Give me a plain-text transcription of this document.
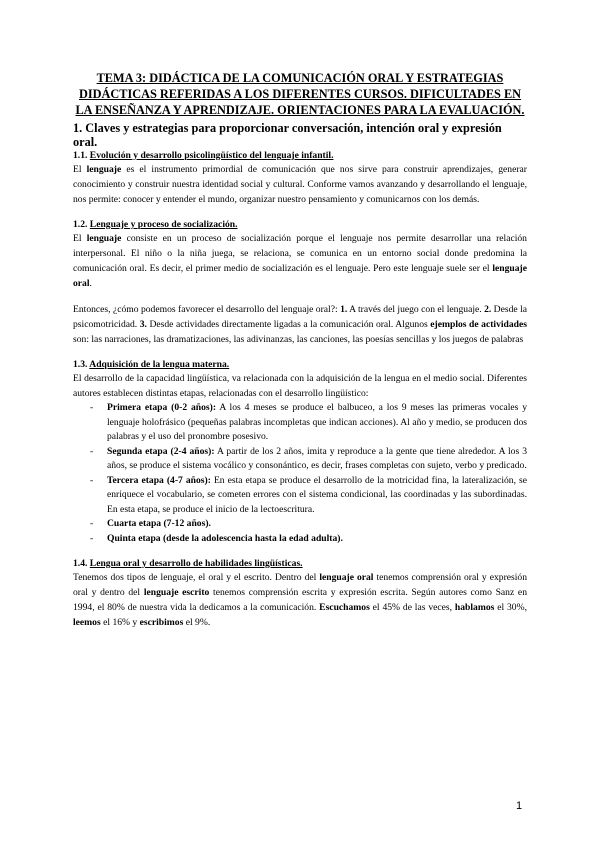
TEMA 3: DIDÁCTICA DE LA COMUNICACIÓN ORAL Y ESTRATEGIAS
DIDÁCTICAS REFERIDAS A LOS DIFERENTES CURSOS. DIFICULTADES EN
LA ENSEÑANZA Y APRENDIZAJE. ORIENTACIONES PARA LA EVALUACIÓN.
1. Claves y estrategias para proporcionar conversación, intención oral y expresión oral.
1.1. Evolución y desarrollo psicolingüístico del lenguaje infantil.

El lenguaje es el instrumento primordial de comunicación que nos sirve para construir aprendizajes, generar conocimiento y construir nuestra identidad social y cultural. Conforme vamos avanzando y desarrollando el lenguaje, nos permite: conocer y entender el mundo, organizar nuestro pensamiento y comunicarnos con los demás.

1.2. Lenguaje y proceso de socialización.

El lenguaje consiste en un proceso de socialización porque el lenguaje nos permite desarrollar una relación interpersonal. El niño o la niña juega, se relaciona, se comunica en un entorno social donde predomina la comunicación oral. Es decir, el primer medio de socialización es el lenguaje. Pero este lenguaje suele ser el lenguaje oral.

Entonces, ¿cómo podemos favorecer el desarrollo del lenguaje oral?: 1. A través del juego con el lenguaje. 2. Desde la psicomotricidad. 3. Desde actividades directamente ligadas a la comunicación oral. Algunos ejemplos de actividades son: las narraciones, las dramatizaciones, las adivinanzas, las canciones, las poesías sencillas y los juegos de palabras

1.3. Adquisición de la lengua materna.

El desarrollo de la capacidad lingüística, va relacionada con la adquisición de la lengua en el medio social. Diferentes autores establecen distintas etapas, relacionadas con el desarrollo lingüístico:

- Primera etapa (0-2 años): A los 4 meses se produce el balbuceo, a los 9 meses las primeras vocales y lenguaje holofrásico (pequeñas palabras incompletas que indican acciones). Al año y medio, se producen dos palabras y el uso del pronombre posesivo.
- Segunda etapa (2-4 años): A partir de los 2 años, imita y reproduce a la gente que tiene alrededor. A los 3 años, se produce el sistema vocálico y consonántico, es decir, frases completas con sujeto, verbo y predicado.
- Tercera etapa (4-7 años): En esta etapa se produce el desarrollo de la motricidad fina, la lateralización, se enriquece el vocabulario, se cometen errores con el sistema condicional, las coordinadas y las subordinadas. En esta etapa, se produce el inicio de la lectoescritura.
- Cuarta etapa (7-12 años).
- Quinta etapa (desde la adolescencia hasta la edad adulta).
1.4. Lengua oral y desarrollo de habilidades lingüísticas.

Tenemos dos tipos de lenguaje, el oral y el escrito. Dentro del lenguaje oral tenemos comprensión oral y expresión oral y dentro del lenguaje escrito tenemos comprensión escrita y expresión escrita. Según autores como Sanz en 1994, el 80% de nuestra vida la dedicamos a la comunicación. Escuchamos el 45% de las veces, hablamos el 30%, leemos el 16% y escribimos el 9%.

1
